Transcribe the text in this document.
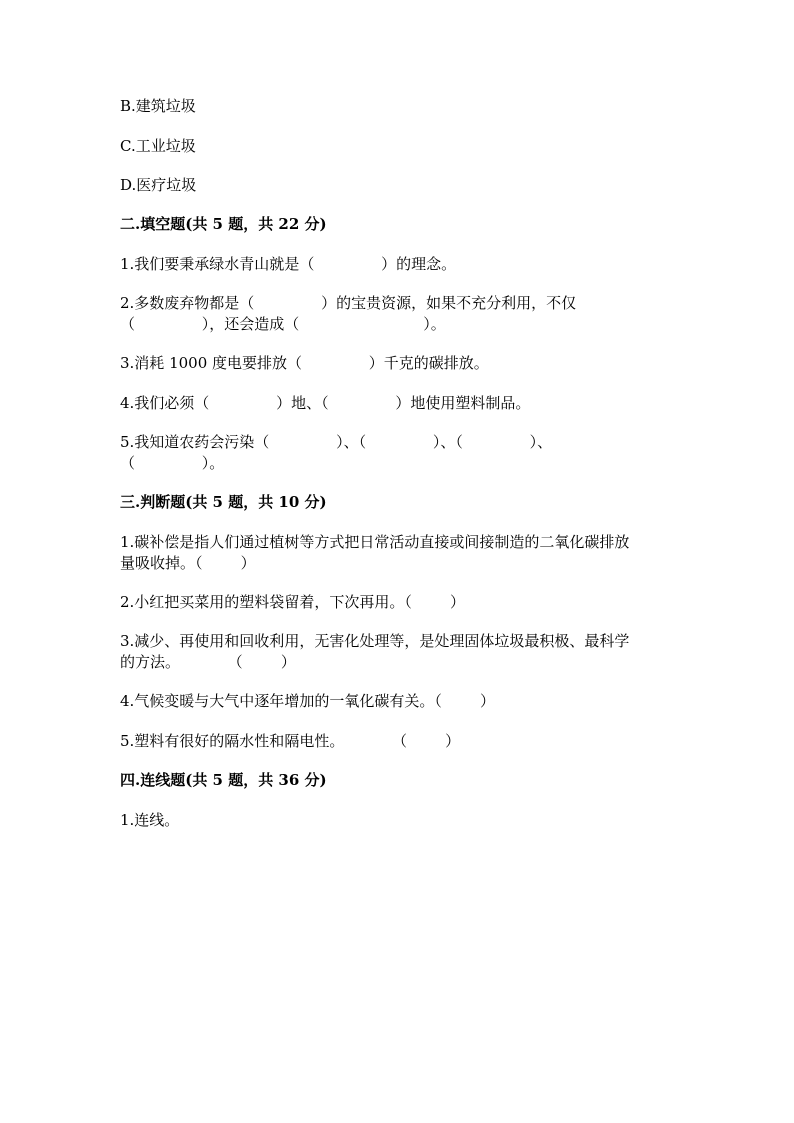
B.建筑垃圾
C.工业垃圾
D.医疗垃圾
二.填空题(共 5 题，共 22 分)
1.我们要秉承绿水青山就是（              ）的理念。
2.多数废弃物都是（              ）的宝贵资源，如果不充分利用，不仅
（              ），还会造成（                          ）。
3.消耗 1000 度电要排放（              ）千克的碳排放。
4.我们必须（              ）地、（              ）地使用塑料制品。
5.我知道农药会污染（              ）、（              ）、（              ）、
（              ）。
三.判断题(共 5 题，共 10 分)
1.碳补偿是指人们通过植树等方式把日常活动直接或间接制造的二氧化碳排放
量吸收掉。（        ）
2.小红把买菜用的塑料袋留着，下次再用。（        ）
3.减少、再使用和回收利用，无害化处理等，是处理固体垃圾最积极、最科学
的方法。          （        ）
4.气候变暖与大气中逐年增加的一氧化碳有关。（        ）
5.塑料有很好的隔水性和隔电性。          （        ）
四.连线题(共 5 题，共 36 分)
1.连线。
